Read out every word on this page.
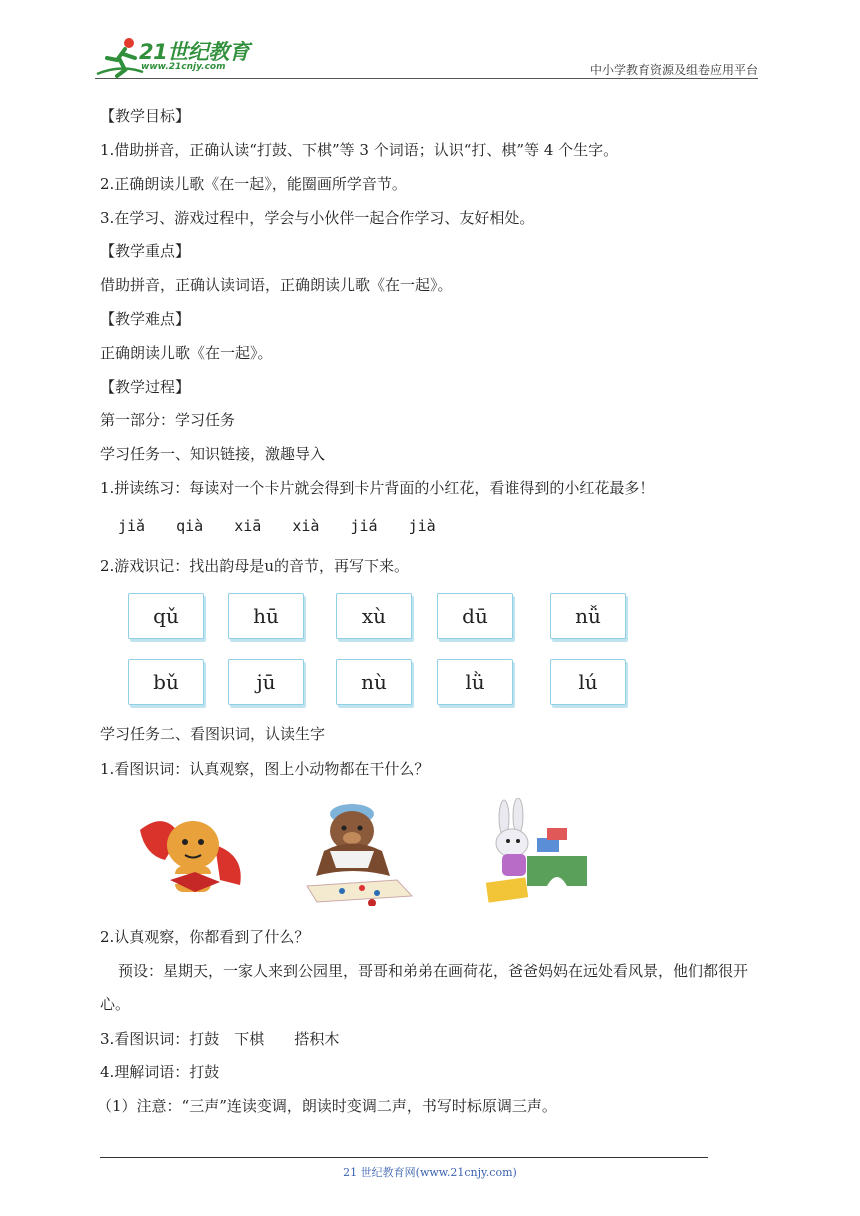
21世纪教育
www.21cnjy.com	中小学教育资源及组卷应用平台
【教学目标】
1.借助拼音，正确认读“打鼓、下棋”等 3 个词语；认识“打、棋”等 4 个生字。
2.正确朗读儿歌《在一起》，能圈画所学音节。
3.在学习、游戏过程中，学会与小伙伴一起合作学习、友好相处。
【教学重点】
借助拼音，正确认读词语，正确朗读儿歌《在一起》。
【教学难点】
正确朗读儿歌《在一起》。
【教学过程】
第一部分：学习任务
学习任务一、知识链接，激趣导入
1.拼读练习：每读对一个卡片就会得到卡片背面的小红花，看谁得到的小红花最多！
jiǎ qià xiā xià jiá jià
2.游戏识记：找出韵母是u的音节，再写下来。
qǔ	hū	xù	dū	nǚ
bǔ	jū	nù	lǜ	lú
学习任务二、看图识词，认读生字
1.看图识词：认真观察，图上小动物都在干什么？
2.认真观察，你都看到了什么？
预设：星期天，一家人来到公园里，哥哥和弟弟在画荷花，爸爸妈妈在远处看风景，他们都很开心。
3.看图识词：打鼓　下棋　　搭积木
4.理解词语：打鼓
（1）注意：“三声”连读变调，朗读时变调二声，书写时标原调三声。
21 世纪教育网(www.21cnjy.com)
